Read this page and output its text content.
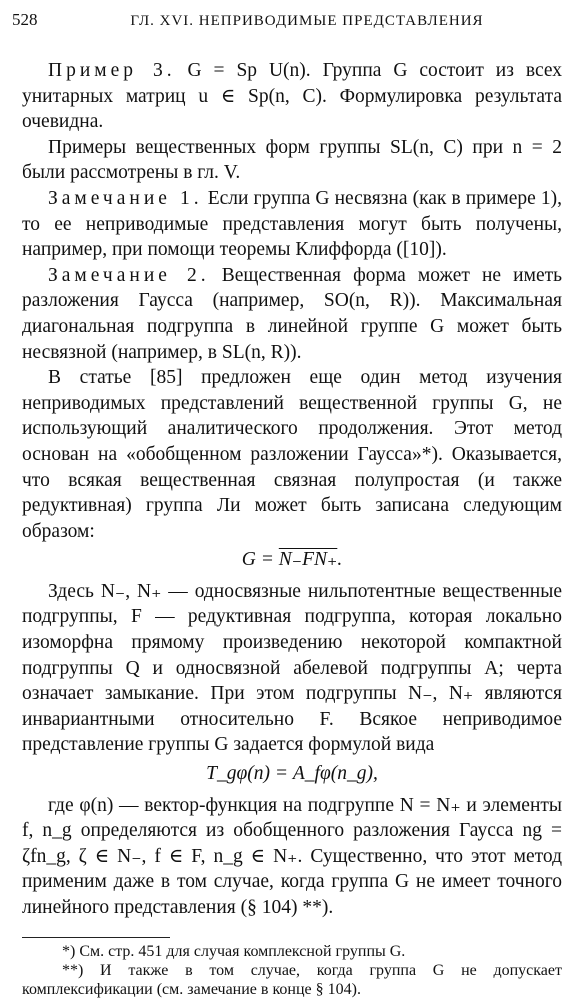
528	ГЛ. XVI. НЕПРИВОДИМЫЕ ПРЕДСТАВЛЕНИЯ

Пример 3. G = Sp U(n). Группа G состоит из всех унитарных матриц u ∈ Sp(n, C). Формулировка результата очевидна.

Примеры вещественных форм группы SL(n, C) при n = 2 были рассмотрены в гл. V.

Замечание 1. Если группа G несвязна (как в примере 1), то ее неприводимые представления могут быть получены, например, при помощи теоремы Клиффорда ([10]).

Замечание 2. Вещественная форма может не иметь разложения Гаусса (например, SO(n, R)). Максимальная диагональная подгруппа в линейной группе G может быть несвязной (например, в SL(n, R)).

В статье [85] предложен еще один метод изучения неприводимых представлений вещественной группы G, не использующий аналитического продолжения. Этот метод основан на «обобщенном разложении Гаусса»*). Оказывается, что всякая вещественная связная полупростая (и также редуктивная) группа Ли может быть записана следующим образом:

G = N₋FN₊.

Здесь N₋, N₊ — односвязные нильпотентные вещественные подгруппы, F — редуктивная подгруппа, которая локально изоморфна прямому произведению некоторой компактной подгруппы Q и односвязной абелевой подгруппы A; черта означает замыкание. При этом подгруппы N₋, N₊ являются инвариантными относительно F. Всякое неприводимое представление группы G задается формулой вида

T_gφ(n) = A_fφ(n_g),

где φ(n) — вектор-функция на подгруппе N = N₊ и элементы f, n_g определяются из обобщенного разложения Гаусса ng = ζfn_g, ζ ∈ N₋, f ∈ F, n_g ∈ N₊. Существенно, что этот метод применим даже в том случае, когда группа G не имеет точного линейного представления (§ 104) **).

*) См. стр. 451 для случая комплексной группы G.

**) И также в том случае, когда группа G не допускает комплексификации (см. замечание в конце § 104).
